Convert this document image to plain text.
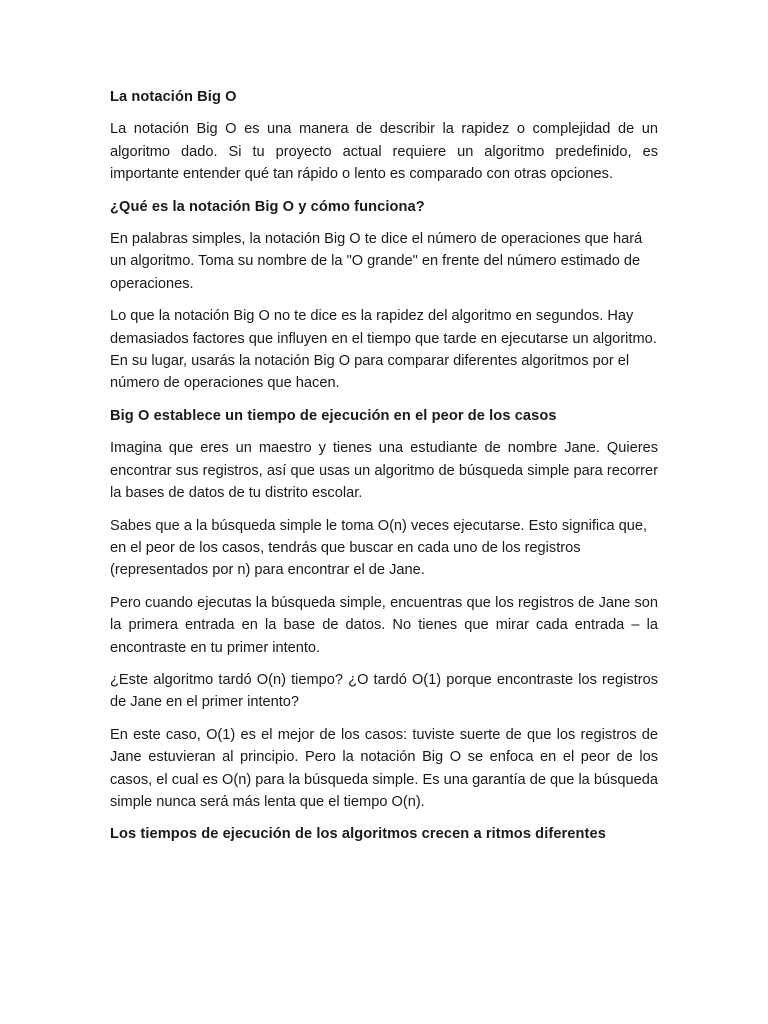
La notación Big O

La notación Big O es una manera de describir la rapidez o complejidad de un algoritmo dado. Si tu proyecto actual requiere un algoritmo predefinido, es importante entender qué tan rápido o lento es comparado con otras opciones.

¿Qué es la notación Big O y cómo funciona?

En palabras simples, la notación Big O te dice el número de operaciones que hará un algoritmo. Toma su nombre de la "O grande" en frente del número estimado de operaciones.

Lo que la notación Big O no te dice es la rapidez del algoritmo en segundos. Hay demasiados factores que influyen en el tiempo que tarde en ejecutarse un algoritmo. En su lugar, usarás la notación Big O para comparar diferentes algoritmos por el número de operaciones que hacen.

Big O establece un tiempo de ejecución en el peor de los casos

Imagina que eres un maestro y tienes una estudiante de nombre Jane. Quieres encontrar sus registros, así que usas un algoritmo de búsqueda simple para recorrer la bases de datos de tu distrito escolar.

Sabes que a la búsqueda simple le toma O(n) veces ejecutarse. Esto significa que, en el peor de los casos, tendrás que buscar en cada uno de los registros (representados por n) para encontrar el de Jane.

Pero cuando ejecutas la búsqueda simple, encuentras que los registros de Jane son la primera entrada en la base de datos. No tienes que mirar cada entrada – la encontraste en tu primer intento.

¿Este algoritmo tardó O(n) tiempo? ¿O tardó O(1) porque encontraste los registros de Jane en el primer intento?

En este caso, O(1) es el mejor de los casos: tuviste suerte de que los registros de Jane estuvieran al principio. Pero la notación Big O se enfoca en el peor de los casos, el cual es O(n) para la búsqueda simple. Es una garantía de que la búsqueda simple nunca será más lenta que el tiempo O(n).

Los tiempos de ejecución de los algoritmos crecen a ritmos diferentes
